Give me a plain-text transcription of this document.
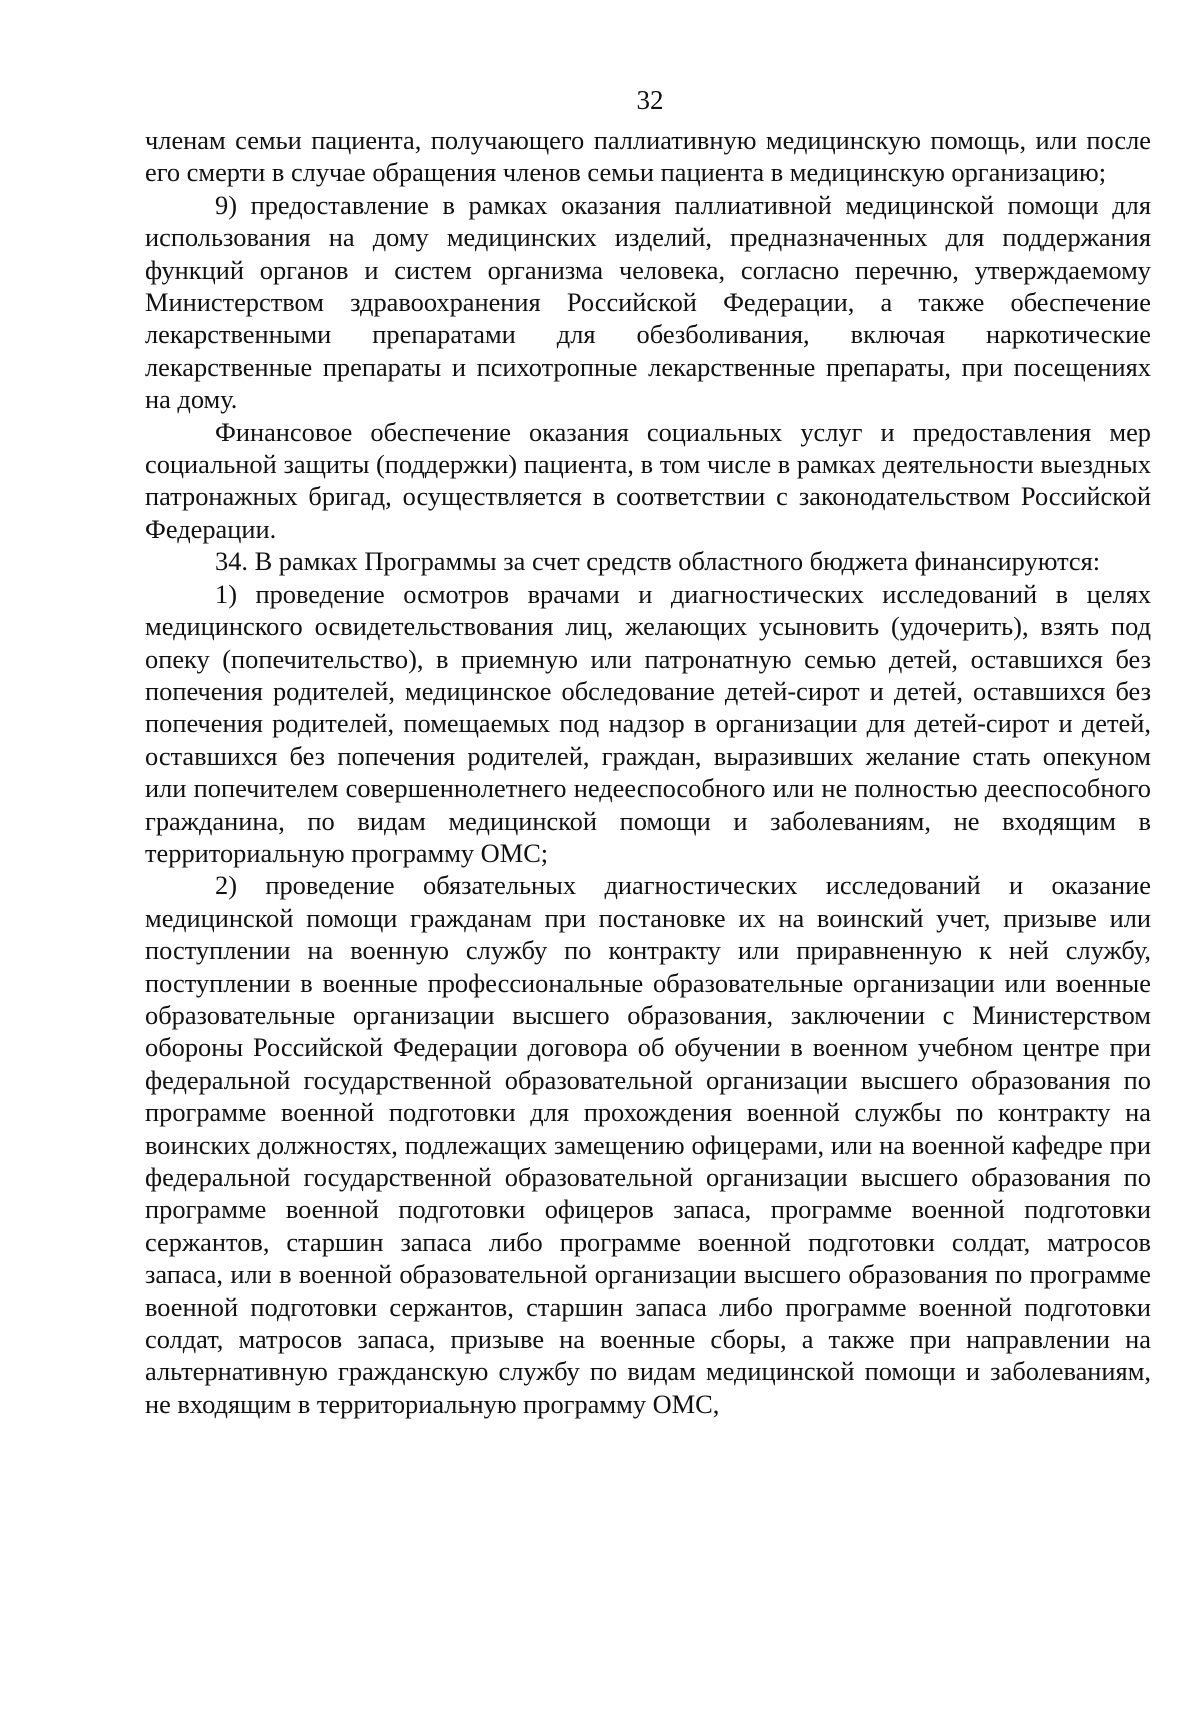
32

членам семьи пациента, получающего паллиативную медицинскую помощь, или после его смерти в случае обращения членов семьи пациента в медицинскую организацию;

9) предоставление в рамках оказания паллиативной медицинской помощи для использования на дому медицинских изделий, предназначенных для поддержания функций органов и систем организма человека, согласно перечню, утверждаемому Министерством здравоохранения Российской Федерации, а также обеспечение лекарственными препаратами для обезболивания, включая наркотические лекарственные препараты и психотропные лекарственные препараты, при посещениях на дому.

Финансовое обеспечение оказания социальных услуг и предоставления мер социальной защиты (поддержки) пациента, в том числе в рамках деятельности выездных патронажных бригад, осуществляется в соответствии с законодательством Российской Федерации.

34. В рамках Программы за счет средств областного бюджета финансируются:

1) проведение осмотров врачами и диагностических исследований в целях медицинского освидетельствования лиц, желающих усыновить (удочерить), взять под опеку (попечительство), в приемную или патронатную семью детей, оставшихся без попечения родителей, медицинское обследование детей-сирот и детей, оставшихся без попечения родителей, помещаемых под надзор в организации для детей-сирот и детей, оставшихся без попечения родителей, граждан, выразивших желание стать опекуном или попечителем совершеннолетнего недееспособного или не полностью дееспособного гражданина, по видам медицинской помощи и заболеваниям, не входящим в территориальную программу ОМС;

2) проведение обязательных диагностических исследований и оказание медицинской помощи гражданам при постановке их на воинский учет, призыве или поступлении на военную службу по контракту или приравненную к ней службу, поступлении в военные профессиональные образовательные организации или военные образовательные организации высшего образования, заключении с Министерством обороны Российской Федерации договора об обучении в военном учебном центре при федеральной государственной образовательной организации высшего образования по программе военной подготовки для прохождения военной службы по контракту на воинских должностях, подлежащих замещению офицерами, или на военной кафедре при федеральной государственной образовательной организации высшего образования по программе военной подготовки офицеров запаса, программе военной подготовки сержантов, старшин запаса либо программе военной подготовки солдат, матросов запаса, или в военной образовательной организации высшего образования по программе военной подготовки сержантов, старшин запаса либо программе военной подготовки солдат, матросов запаса, призыве на военные сборы, а также при направлении на альтернативную гражданскую службу по видам медицинской помощи и заболеваниям, не входящим в территориальную программу ОМС,
